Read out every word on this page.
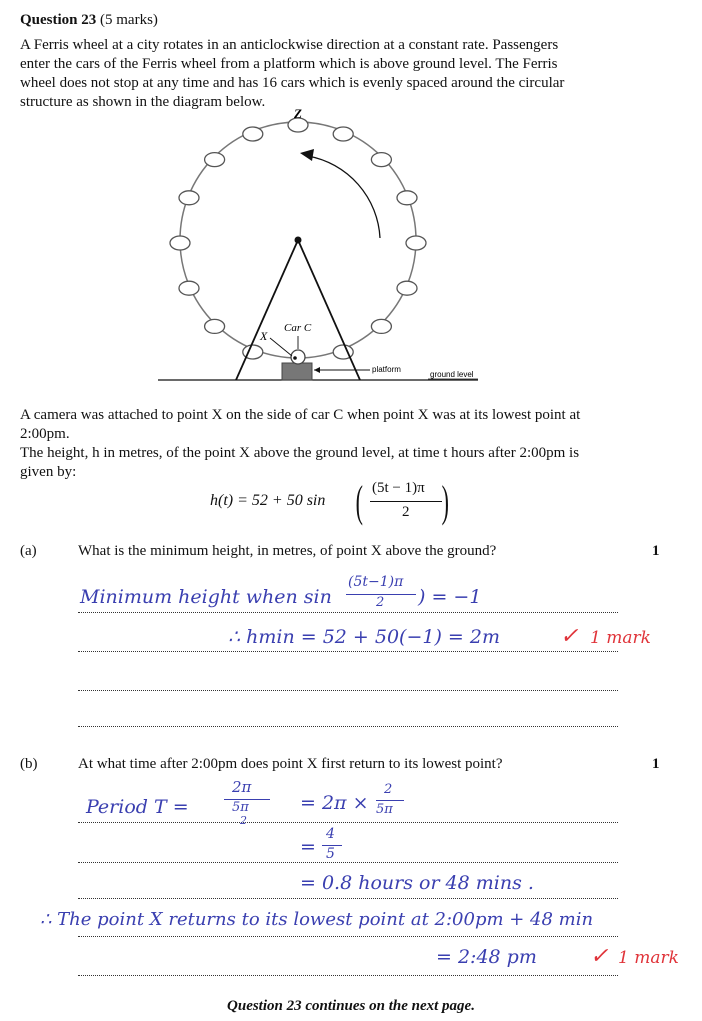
Question 23 (5 marks)
A Ferris wheel at a city rotates in an anticlockwise direction at a constant rate. Passengers
enter the cars of the Ferris wheel from a platform which is above ground level. The Ferris
wheel does not stop at any time and has 16 cars which is evenly spaced around the circular
structure as shown in the diagram below.
Z
X
Car C
platform
ground level
A camera was attached to point X on the side of car C when point X was at its lowest point at
2:00pm.
The height, h in metres, of the point X above the ground level, at time t hours after 2:00pm is
given by:
h(t) = 52 + 50 sin ( (5t − 1)π
2 )
(a)	What is the minimum height, in metres, of point X above the ground?	1
Minimum height when sin
(5t−1)π
2 ) = −1
∴ hmin = 52 + 50(−1) = 2m	✓ 1 mark
(b)	At what time after 2:00pm does point X first return to its lowest point?	1
Period T =
2π
5π
2
= 2π ×
2
5π
=
4
5
= 0.8 hours or 48 mins .
∴ The point X returns to its lowest point at 2:00pm + 48 min
= 2:48 pm ✓ 1 mark
Question 23 continues on the next page.
